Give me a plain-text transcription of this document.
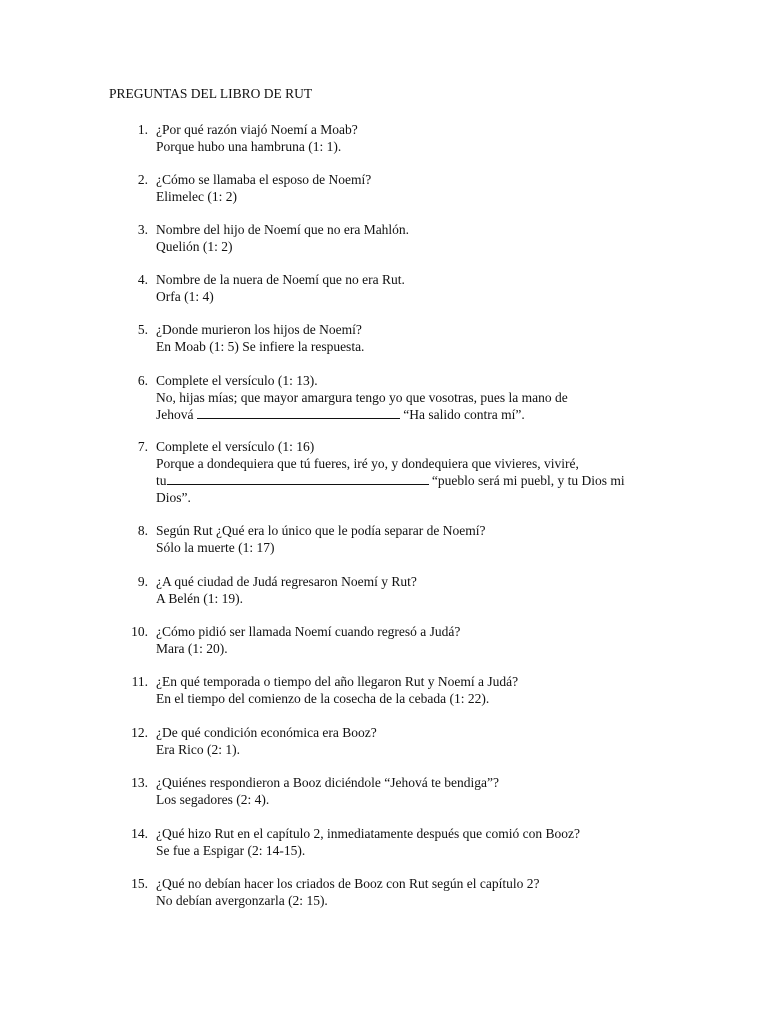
PREGUNTAS DEL LIBRO DE RUT
1. ¿Por qué razón viajó Noemí a Moab?
Porque hubo una hambruna (1: 1).
2. ¿Cómo se llamaba el esposo de Noemí?
Elimelec (1: 2)
3. Nombre del hijo de Noemí que no era Mahlón.
Quelión (1: 2)
4. Nombre de la nuera de Noemí que no era Rut.
Orfa (1: 4)
5. ¿Donde murieron los hijos de Noemí?
En Moab (1: 5) Se infiere la respuesta.
6. Complete el versículo (1: 13).
No, hijas mías; que mayor amargura tengo yo que vosotras, pues la mano de
Jehová	“Ha salido contra mí”.
7. Complete el versículo (1: 16)
Porque a dondequiera que tú fueres, iré yo, y dondequiera que vivieres, viviré,
tu	“pueblo será mi puebl, y tu Dios mi
Dios”.
8. Según Rut ¿Qué era lo único que le podía separar de Noemí?
Sólo la muerte (1: 17)
9. ¿A qué ciudad de Judá regresaron Noemí y Rut?
A Belén (1: 19).
10. ¿Cómo pidió ser llamada Noemí cuando regresó a Judá?
Mara (1: 20).
11. ¿En qué temporada o tiempo del año llegaron Rut y Noemí a Judá?
En el tiempo del comienzo de la cosecha de la cebada (1: 22).
12. ¿De qué condición económica era Booz?
Era Rico (2: 1).
13. ¿Quiénes respondieron a Booz diciéndole “Jehová te bendiga”?
Los segadores (2: 4).
14. ¿Qué hizo Rut en el capítulo 2, inmediatamente después que comió con Booz?
Se fue a Espigar (2: 14-15).
15. ¿Qué no debían hacer los criados de Booz con Rut según el capítulo 2?
No debían avergonzarla (2: 15).
